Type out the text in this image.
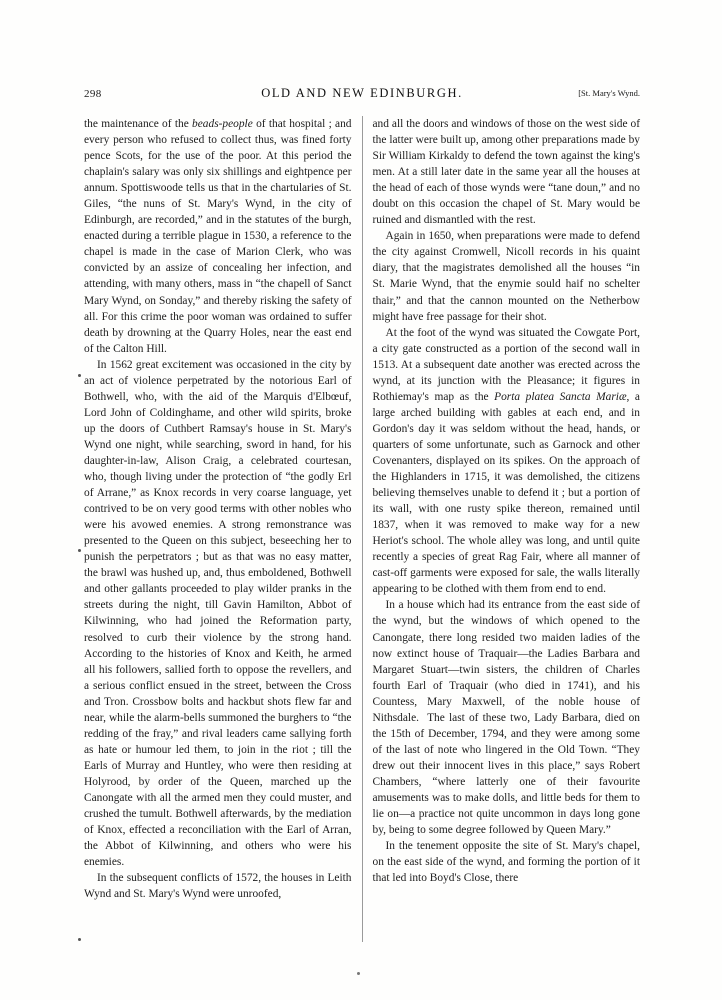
298	OLD AND NEW EDINBURGH.	[St. Mary's Wynd.

the maintenance of the beads-people of that hospital ; and every person who refused to collect thus, was fined forty pence Scots, for the use of the poor. At this period the chaplain's salary was only six shillings and eightpence per annum. Spottiswoode tells us that in the chartularies of St. Giles, “the nuns of St. Mary's Wynd, in the city of Edinburgh, are recorded,” and in the statutes of the burgh, enacted during a terrible plague in 1530, a reference to the chapel is made in the case of Marion Clerk, who was convicted by an assize of concealing her infection, and attending, with many others, mass in “the chapell of Sanct Mary Wynd, on Sonday,” and thereby risking the safety of all. For this crime the poor woman was ordained to suffer death by drowning at the Quarry Holes, near the east end of the Calton Hill.

In 1562 great excitement was occasioned in the city by an act of violence perpetrated by the notorious Earl of Bothwell, who, with the aid of the Marquis d'Elbœuf, Lord John of Coldinghame, and other wild spirits, broke up the doors of Cuthbert Ramsay's house in St. Mary's Wynd one night, while searching, sword in hand, for his daughter-in-law, Alison Craig, a celebrated courtesan, who, though living under the protection of “the godly Erl of Arrane,” as Knox records in very coarse language, yet contrived to be on very good terms with other nobles who were his avowed enemies. A strong remonstrance was presented to the Queen on this subject, beseeching her to punish the perpetrators ; but as that was no easy matter, the brawl was hushed up, and, thus emboldened, Bothwell and other gallants proceeded to play wilder pranks in the streets during the night, till Gavin Hamilton, Abbot of Kilwinning, who had joined the Reformation party, resolved to curb their violence by the strong hand. According to the histories of Knox and Keith, he armed all his followers, sallied forth to oppose the revellers, and a serious conflict ensued in the street, between the Cross and Tron. Crossbow bolts and hackbut shots flew far and near, while the alarm-bells summoned the burghers to “the redding of the fray,” and rival leaders came sallying forth as hate or humour led them, to join in the riot ; till the Earls of Murray and Huntley, who were then residing at Holyrood, by order of the Queen, marched up the Canongate with all the armed men they could muster, and crushed the tumult. Bothwell afterwards, by the mediation of Knox, effected a reconciliation with the Earl of Arran, the Abbot of Kilwinning, and others who were his enemies.

In the subsequent conflicts of 1572, the houses in Leith Wynd and St. Mary's Wynd were unroofed,

and all the doors and windows of those on the west side of the latter were built up, among other preparations made by Sir William Kirkaldy to defend the town against the king's men. At a still later date in the same year all the houses at the head of each of those wynds were “tane doun,” and no doubt on this occasion the chapel of St. Mary would be ruined and dismantled with the rest.

Again in 1650, when preparations were made to defend the city against Cromwell, Nicoll records in his quaint diary, that the magistrates demolished all the houses “in St. Marie Wynd, that the enymie sould haif no schelter thair,” and that the cannon mounted on the Netherbow might have free passage for their shot.

At the foot of the wynd was situated the Cowgate Port, a city gate constructed as a portion of the second wall in 1513. At a subsequent date another was erected across the wynd, at its junction with the Pleasance; it figures in Rothiemay's map as the Porta platea Sancta Mariæ, a large arched building with gables at each end, and in Gordon's day it was seldom without the head, hands, or quarters of some unfortunate, such as Garnock and other Covenanters, displayed on its spikes. On the approach of the Highlanders in 1715, it was demolished, the citizens believing themselves unable to defend it ; but a portion of its wall, with one rusty spike thereon, remained until 1837, when it was removed to make way for a new Heriot's school. The whole alley was long, and until quite recently a species of great Rag Fair, where all manner of cast-off garments were exposed for sale, the walls literally appearing to be clothed with them from end to end.

In a house which had its entrance from the east side of the wynd, but the windows of which opened to the Canongate, there long resided two maiden ladies of the now extinct house of Traquair—the Ladies Barbara and Margaret Stuart—twin sisters, the children of Charles fourth Earl of Traquair (who died in 1741), and his Countess, Mary Maxwell, of the noble house of Nithsdale.  The last of these two, Lady Barbara, died on the 15th of December, 1794, and they were among some of the last of note who lingered in the Old Town. “They drew out their innocent lives in this place,” says Robert Chambers, “where latterly one of their favourite amusements was to make dolls, and little beds for them to lie on—a practice not quite uncommon in days long gone by, being to some degree followed by Queen Mary.”

In the tenement opposite the site of St. Mary's chapel, on the east side of the wynd, and forming the portion of it that led into Boyd's Close, there
